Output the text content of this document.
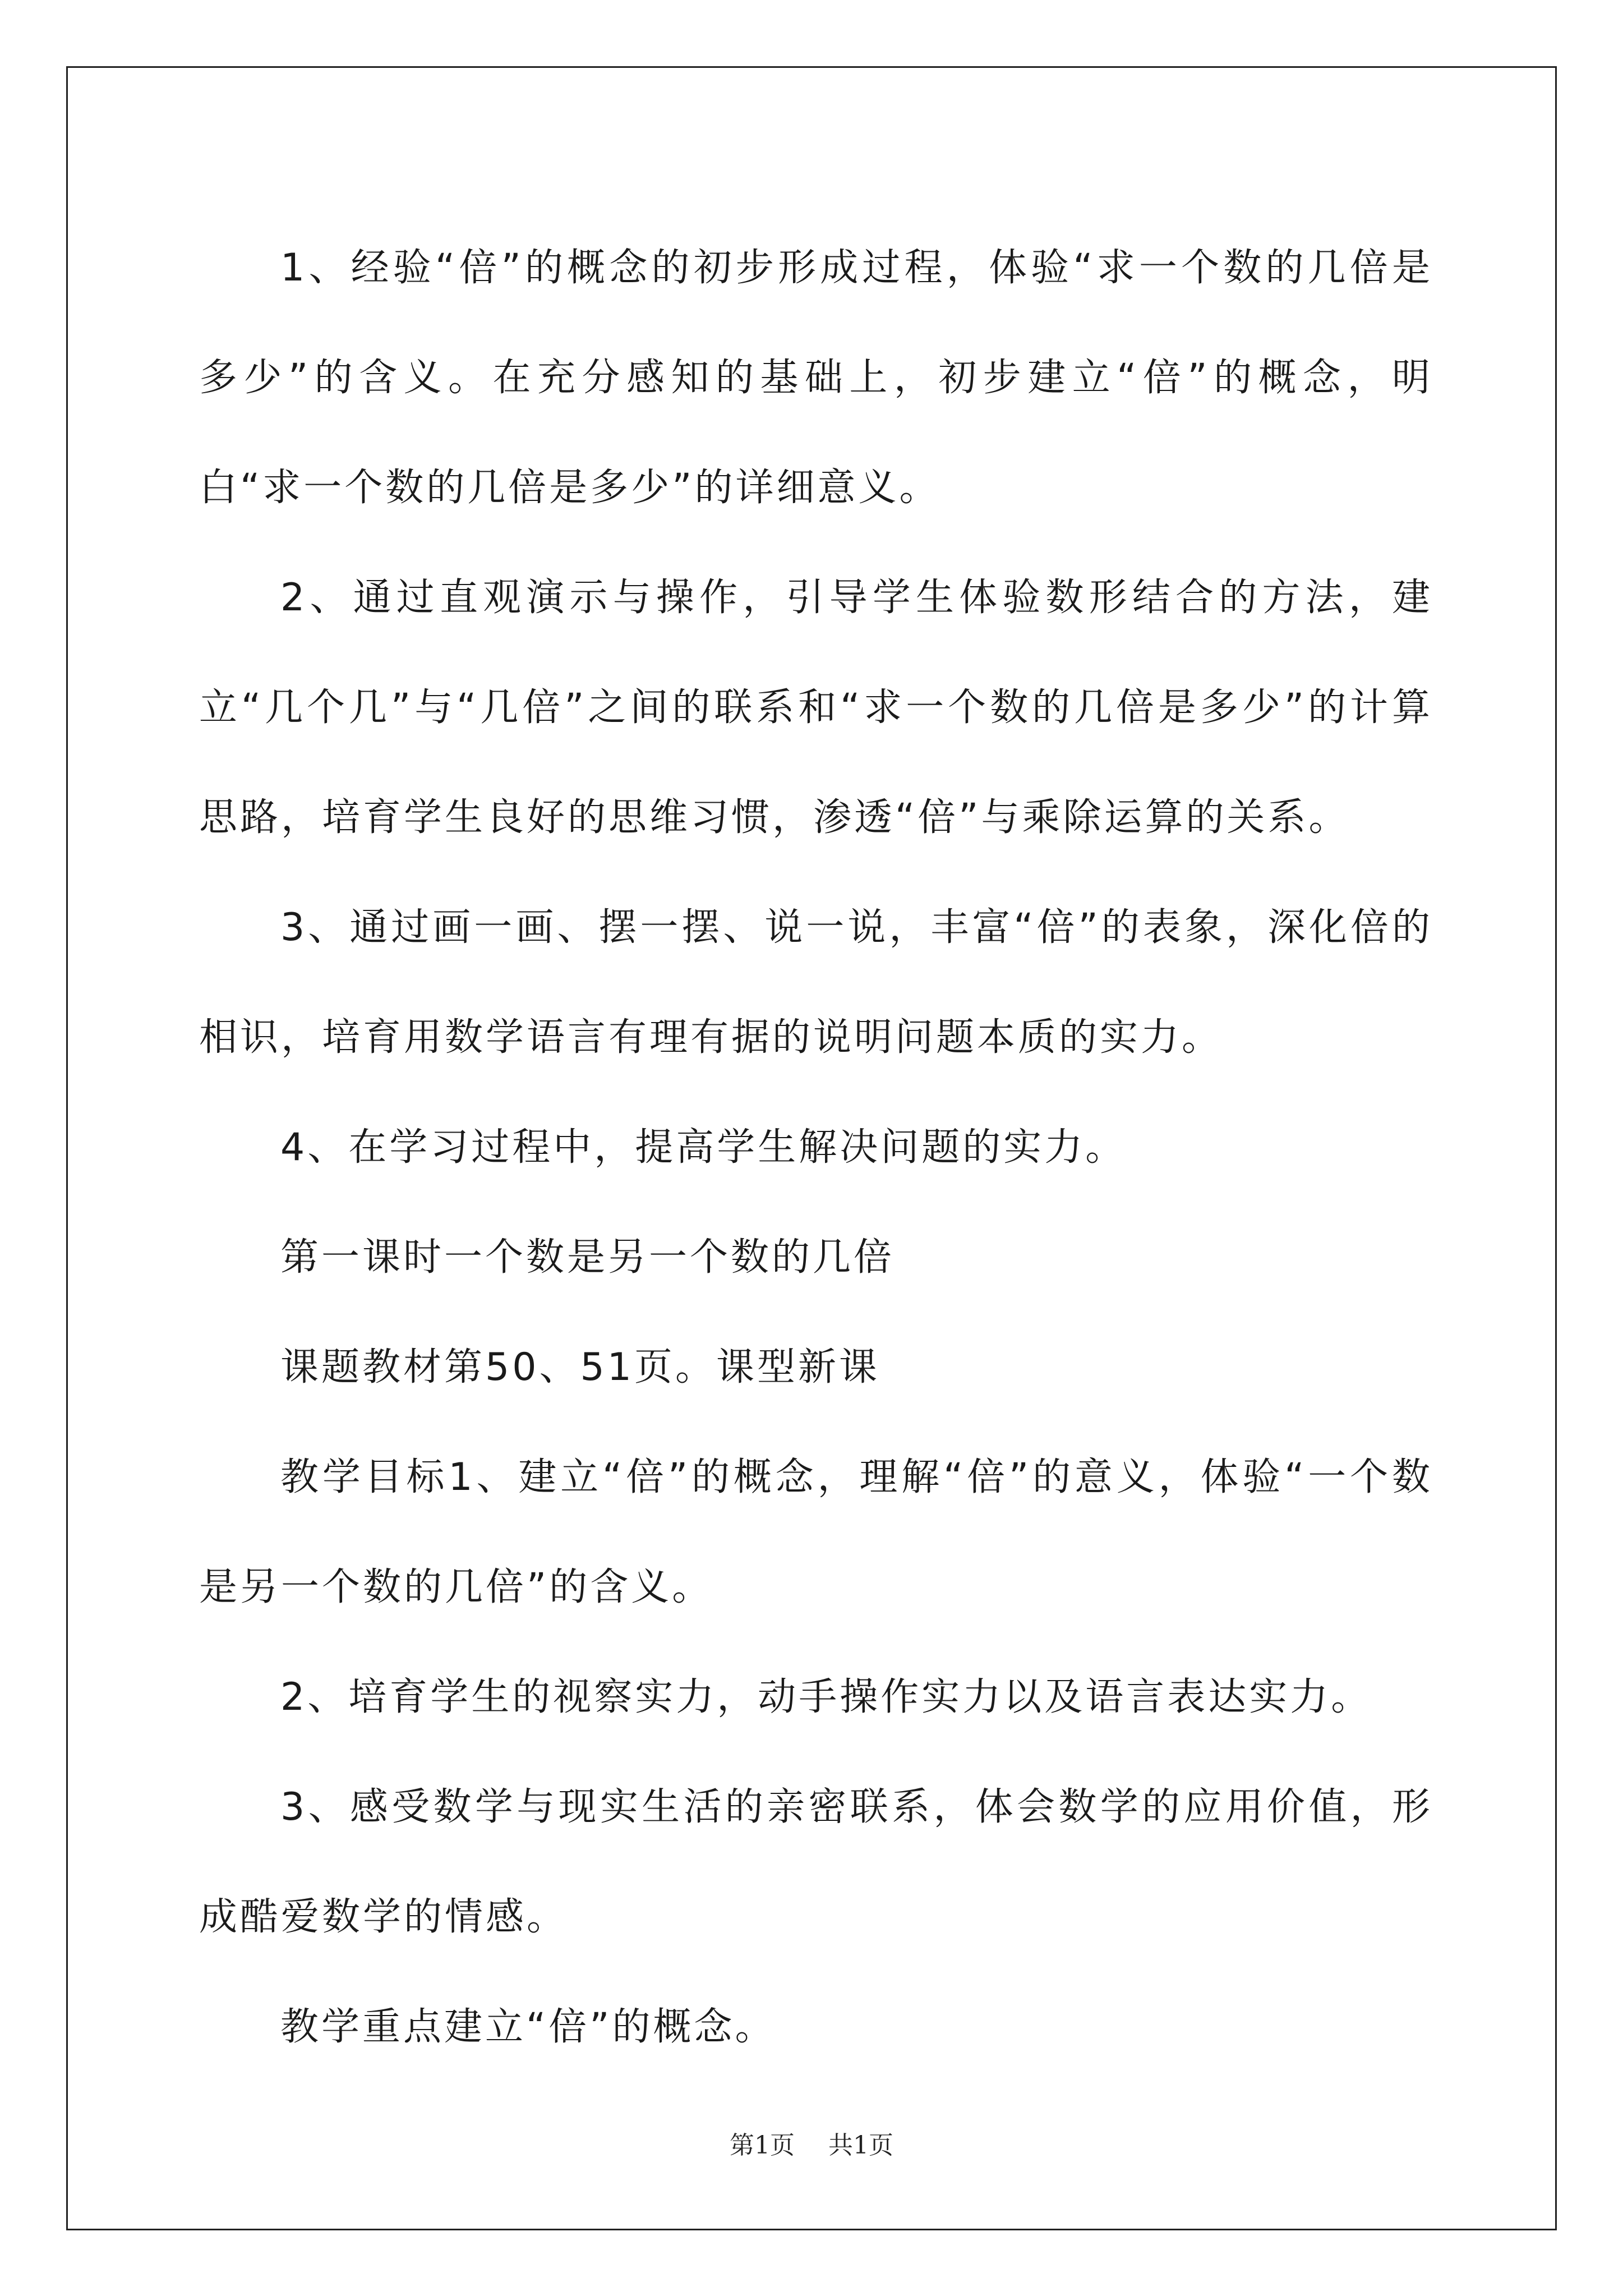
1、经验“倍”的概念的初步形成过程，体验“求一个数的几倍是多少”的含义。在充分感知的基础上，初步建立“倍”的概念，明白“求一个数的几倍是多少”的详细意义。

2、通过直观演示与操作，引导学生体验数形结合的方法，建立“几个几”与“几倍”之间的联系和“求一个数的几倍是多少”的计算思路，培育学生良好的思维习惯，渗透“倍”与乘除运算的关系。

3、通过画一画、摆一摆、说一说，丰富“倍”的表象，深化倍的相识，培育用数学语言有理有据的说明问题本质的实力。

4、在学习过程中，提高学生解决问题的实力。

第一课时一个数是另一个数的几倍

课题教材第50、51页。课型新课

教学目标1、建立“倍”的概念，理解“倍”的意义，体验“一个数是另一个数的几倍”的含义。

2、培育学生的视察实力，动手操作实力以及语言表达实力。

3、感受数学与现实生活的亲密联系，体会数学的应用价值，形成酷爱数学的情感。

教学重点建立“倍”的概念。

第1页 共1页
